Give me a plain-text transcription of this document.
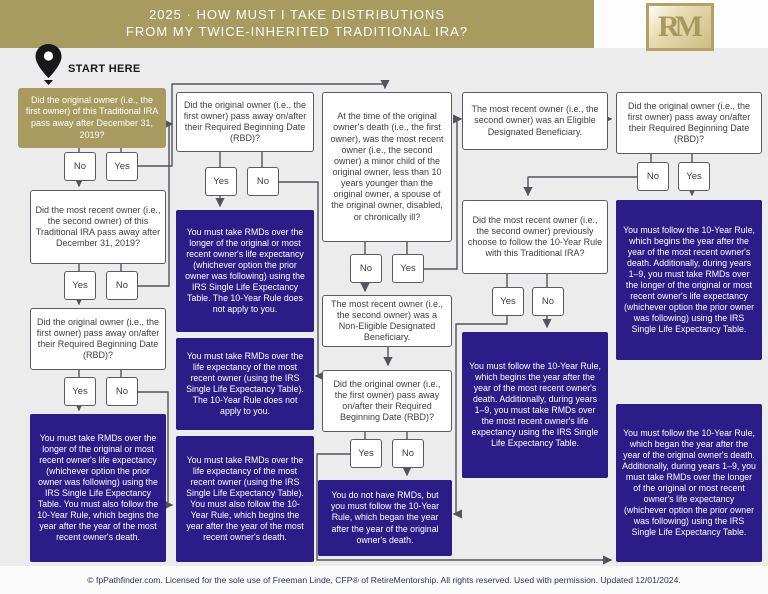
2025 · HOW MUST I TAKE DISTRIBUTIONS
FROM MY TWICE-INHERITED TRADITIONAL IRA?	RM
START HERE
Did the original owner (i.e., the first owner) of this Traditional IRA pass away after December 31, 2019?
No	Yes
Did the most recent owner (i.e., the second owner) of this Traditional IRA pass away after December 31, 2019?
Yes	No
Did the original owner (i.e., the first owner) pass away on/after their Required Beginning Date (RBD)?
Yes	No
You must take RMDs over the longer of the original or most recent owner's life expectancy (whichever option the prior owner was following) using the IRS Single Life Expectancy Table. You must also follow the 10-Year Rule, which begins the year after the year of the most recent owner's death.
Did the original owner (i.e., the first owner) pass away on/after their Required Beginning Date (RBD)?
Yes	No
You must take RMDs over the longer of the original or most recent owner's life expectancy (whichever option the prior owner was following) using the IRS Single Life Expectancy Table. The 10-Year Rule does not apply to you.
You must take RMDs over the life expectancy of the most recent owner (using the IRS Single Life Expectancy Table). The 10-Year Rule does not apply to you.
You must take RMDs over the life expectancy of the most recent owner (using the IRS Single Life Expectancy Table). You must also follow the 10-Year Rule, which begins the year after the year of the most recent owner's death.
At the time of the original owner's death (i.e., the first owner), was the most recent owner (i.e., the second owner) a minor child of the original owner, less than 10 years younger than the original owner, a spouse of the original owner, disabled, or chronically ill?
No	Yes
The most recent owner (i.e., the second owner) was a Non-Eligible Designated Beneficiary.
Did the original owner (i.e., the first owner) pass away on/after their Required Beginning Date (RBD)?
Yes	No
You do not have RMDs, but you must follow the 10-Year Rule, which began the year after the year of the original owner's death.
The most recent owner (i.e., the second owner) was an Eligible Designated Beneficiary.
Did the most recent owner (i.e., the second owner) previously choose to follow the 10-Year Rule with this Traditional IRA?
Yes	No
You must follow the 10-Year Rule, which begins the year after the year of the most recent owner's death. Additionally, during years 1–9, you must take RMDs over the most recent owner's life expectancy using the IRS Single Life Expectancy Table.
Did the original owner (i.e., the first owner) pass away on/after their Required Beginning Date (RBD)?
No	Yes
You must follow the 10-Year Rule, which begins the year after the year of the most recent owner's death. Additionally, during years 1–9, you must take RMDs over the longer of the original or most recent owner's life expectancy (whichever option the prior owner was following) using the IRS Single Life Expectancy Table.
You must follow the 10-Year Rule, which began the year after the year of the original owner's death. Additionally, during years 1–9, you must take RMDs over the longer of the original or most recent owner's life expectancy (whichever option the prior owner was following) using the IRS Single Life Expectancy Table.
© fpPathfinder.com. Licensed for the sole use of Freeman Linde, CFP® of RetireMentorship. All rights reserved. Used with permission. Updated 12/01/2024.
